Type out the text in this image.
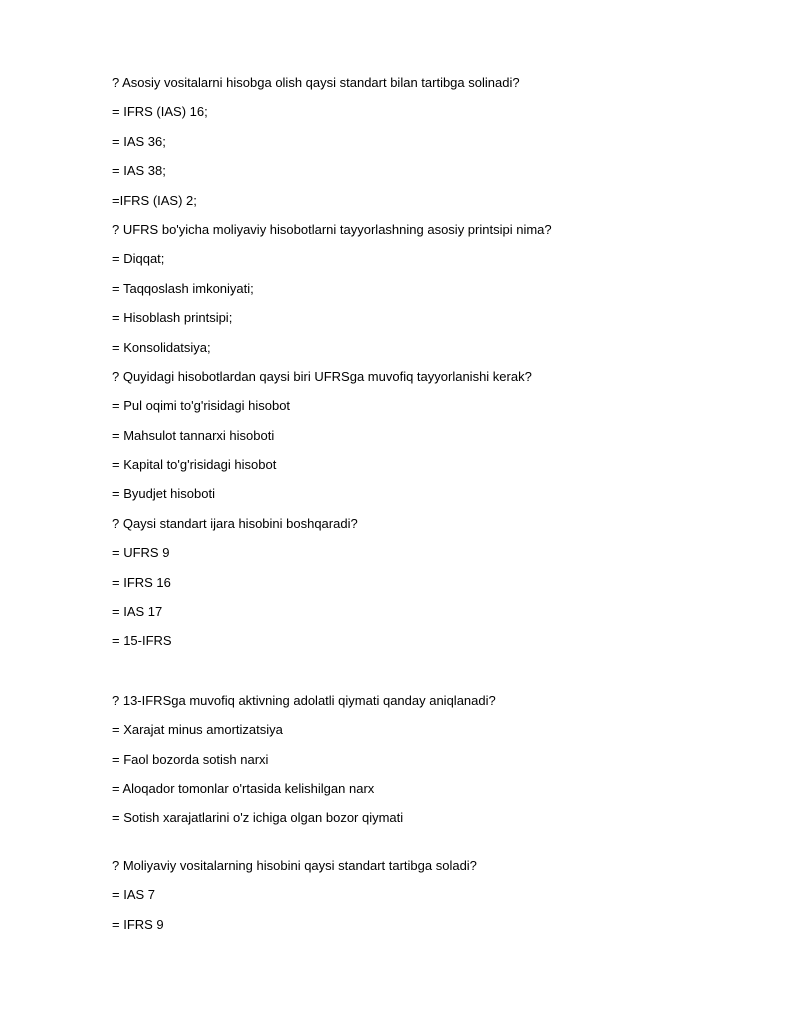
? Asosiy vositalarni hisobga olish qaysi standart bilan tartibga solinadi?
= IFRS (IAS) 16;
= IAS 36;
= IAS 38;
=IFRS (IAS) 2;
? UFRS bo'yicha moliyaviy hisobotlarni tayyorlashning asosiy printsipi nima?
= Diqqat;
= Taqqoslash imkoniyati;
= Hisoblash printsipi;
= Konsolidatsiya;
? Quyidagi hisobotlardan qaysi biri UFRSga muvofiq tayyorlanishi kerak?
= Pul oqimi to'g'risidagi hisobot
= Mahsulot tannarxi hisoboti
= Kapital to'g'risidagi hisobot
= Byudjet hisoboti
? Qaysi standart ijara hisobini boshqaradi?
= UFRS 9
= IFRS 16
= IAS 17
= 15-IFRS
? 13-IFRSga muvofiq aktivning adolatli qiymati qanday aniqlanadi?
= Xarajat minus amortizatsiya
= Faol bozorda sotish narxi
= Aloqador tomonlar o'rtasida kelishilgan narx
= Sotish xarajatlarini o'z ichiga olgan bozor qiymati
? Moliyaviy vositalarning hisobini qaysi standart tartibga soladi?
= IAS 7
= IFRS 9
